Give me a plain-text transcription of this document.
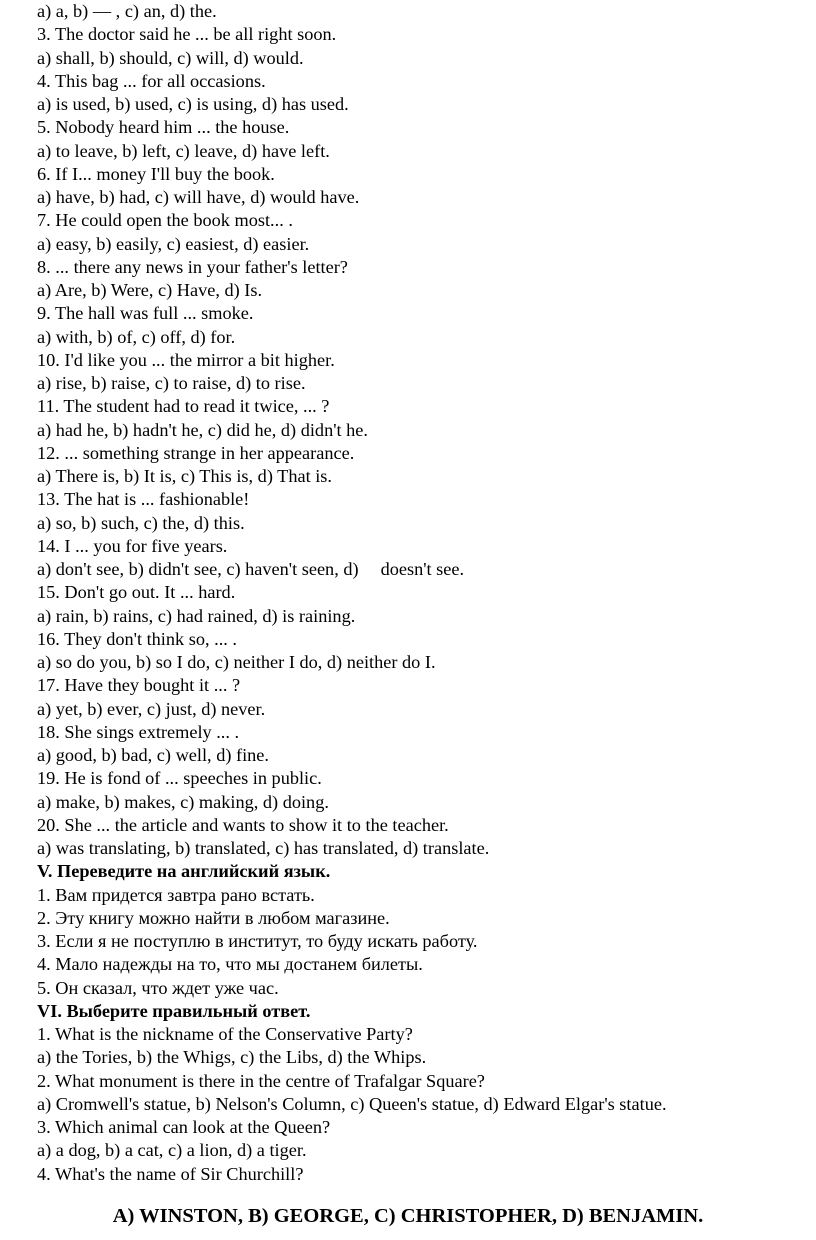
a) a, b) — , c) an, d) the.
3. The doctor said he ... be all right soon.
a) shall, b) should, c) will, d) would.
4. This bag ... for all occasions.
a) is used, b) used, c) is using, d) has used.
5. Nobody heard him ... the house.
a) to leave, b) left, c) leave, d) have left.
6. If I... money I'll buy the book.
a) have, b) had, c) will have, d) would have.
7. He could open the book most... .
a) easy, b) easily, c) easiest, d) easier.
8. ... there any news in your father's letter?
a) Are, b) Were, c) Have, d) Is.
9. The hall was full ... smoke.
a) with, b) of, c) off, d) for.
10. I'd like you ... the mirror a bit higher.
a) rise, b) raise, c) to raise, d) to rise.
11. The student had to read it twice, ... ?
a) had he, b) hadn't he, c) did he, d) didn't he.
12. ... something strange in her appearance.
a) There is, b) It is, c) This is, d) That is.
13. The hat is ... fashionable!
a) so, b) such, c) the, d) this.
14. I ... you for five years.
a) don't see, b) didn't see, c) haven't seen, d) doesn't see.
15. Don't go out. It ... hard.
a) rain, b) rains, c) had rained, d) is raining.
16. They don't think so, ... .
a) so do you, b) so I do, c) neither I do, d) neither do I.
17. Have they bought it ... ?
a) yet, b) ever, c) just, d) never.
18. She sings extremely ... .
a) good, b) bad, c) well, d) fine.
19. He is fond of ... speeches in public.
a) make, b) makes, c) making, d) doing.
20. She ... the article and wants to show it to the teacher.
a) was translating, b) translated, c) has translated, d) translate.
V. Переведите на английский язык.
1. Вам придется завтра рано встать.
2. Эту книгу можно найти в любом магазине.
3. Если я не поступлю в институт, то буду искать работу.
4. Мало надежды на то, что мы достанем билеты.
5. Он сказал, что ждет уже час.
VI. Выберите правильный ответ.
1. What is the nickname of the Conservative Party?
a) the Tories, b) the Whigs, c) the Libs, d) the Whips.
2. What monument is there in the centre of Trafalgar Square?
a) Cromwell's statue, b) Nelson's Column, c) Queen's statue, d) Edward Elgar's statue.
3. Which animal can look at the Queen?
a) a dog, b) a cat, c) a lion, d) a tiger.
4. What's the name of Sir Churchill?
A) WINSTON, B) GEORGE, C) CHRISTOPHER, D) BENJAMIN.
